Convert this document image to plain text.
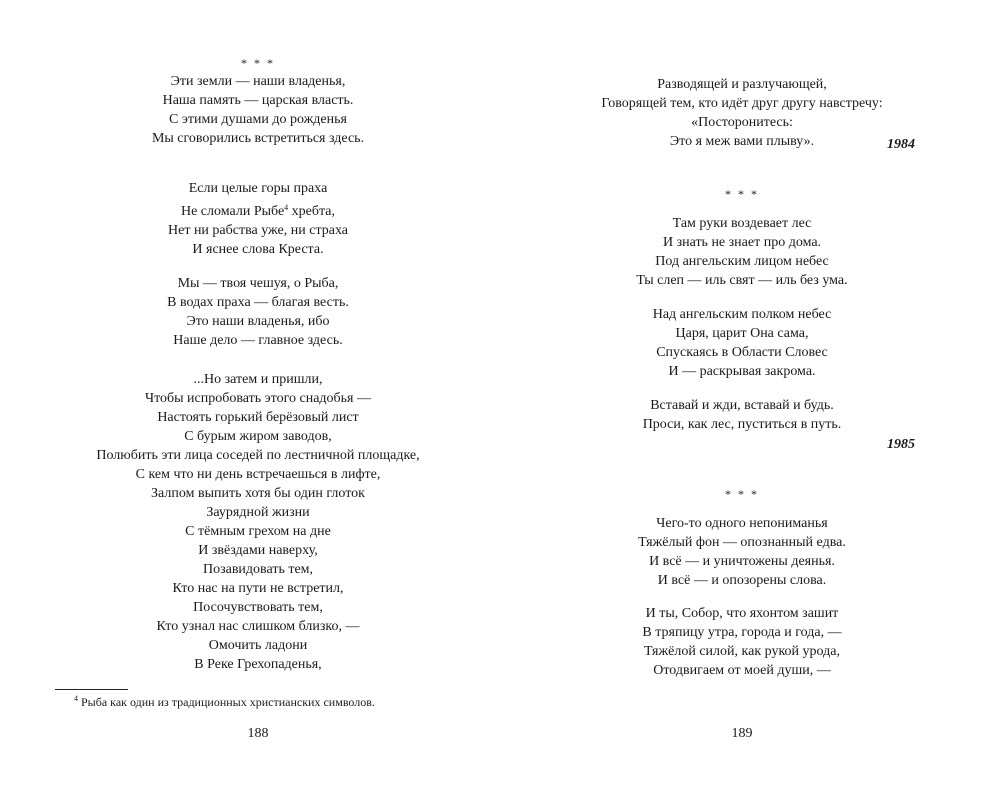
* * *
Эти земли — наши владенья,
Наша память — царская власть.
С этими душами до рожденья
Мы сговорились встретиться здесь.
Если целые горы праха
Не сломали Рыбе$^4$ хребта,
Нет ни рабства уже, ни страха
И яснее слова Креста.
Мы — твоя чешуя, о Рыба,
В водах праха — благая весть.
Это наши владенья, ибо
Наше дело — главное здесь.
...Но затем и пришли,
Чтобы испробовать этого снадобья —
Настоять горький берёзовый лист
С бурым жиром заводов,
Полюбить эти лица соседей по лестничной площадке,
С кем что ни день встречаешься в лифте,
Залпом выпить хотя бы один глоток
Заурядной жизни
С тёмным грехом на дне
И звёздами наверху,
Позавидовать тем,
Кто нас на пути не встретил,
Посочувствовать тем,
Кто узнал нас слишком близко, —
Омочить ладони
В Реке Грехопаденья,
$^4$ Рыба как один из традиционных христианских символов.
188
Разводящей и разлучающей,
Говорящей тем, кто идёт друг другу навстречу:
«Посторонитесь:
Это я меж вами плыву».	1984
* * *
Там руки воздевает лес
И знать не знает про дома.
Под ангельским лицом небес
Ты слеп — иль свят — иль без ума.
Над ангельским полком небес
Царя, царит Она сама,
Спускаясь в Области Словес
И — раскрывая закрома.
Вставай и жди, вставай и будь.
Проси, как лес, пуститься в путь.
1985
* * *
Чего-то одного непониманья
Тяжёлый фон — опознанный едва.
И всё — и уничтожены деянья.
И всё — и опозорены слова.
И ты, Собор, что яхонтом зашит
В тряпицу утра, города и года, —
Тяжёлой силой, как рукой урода,
Отодвигаем от моей души, —
189
